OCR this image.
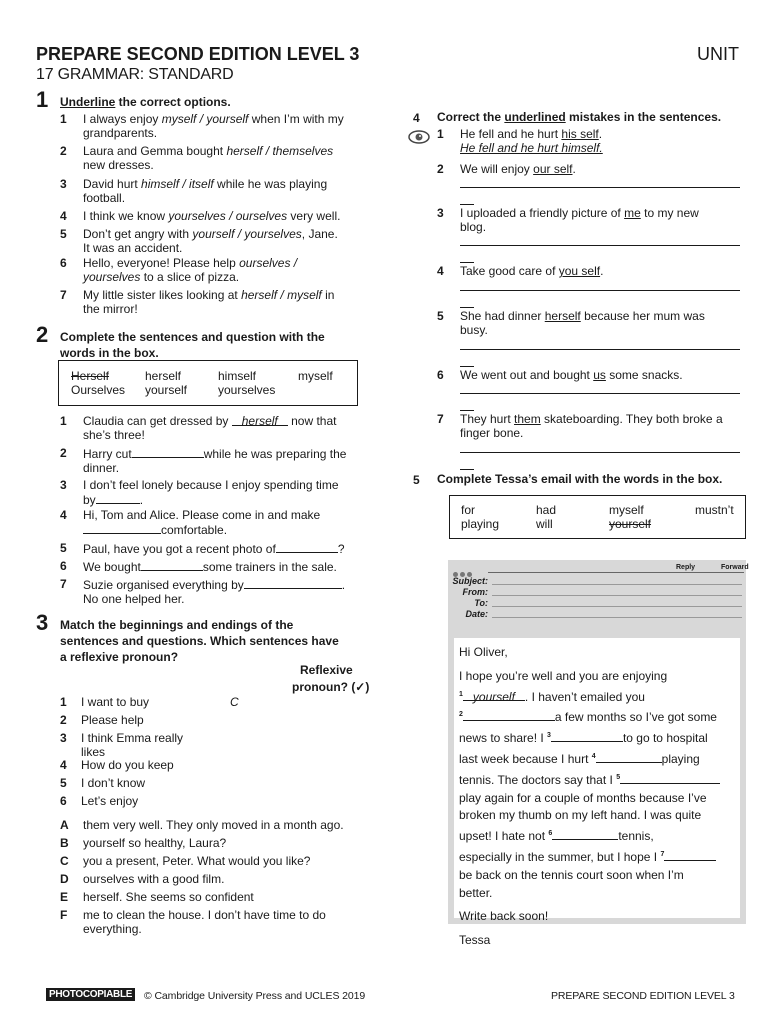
PREPARE SECOND EDITION LEVEL 3	UNIT
17 GRAMMAR: STANDARD
1 Underline the correct options.
1 I always enjoy myself / yourself when I’m with my
grandparents.
2 Laura and Gemma bought herself / themselves
new dresses.
3 David hurt himself / itself while he was playing
football.
4 I think we know yourselves / ourselves very well.

5 Don’t get angry with yourself / yourselves, Jane.
It was an accident.
6 Hello, everyone! Please help ourselves /
yourselves to a slice of pizza.
7 My little sister likes looking at herself / myself in
the mirror!
2 Complete the sentences and question with the
words in the box.
Herself	herself	himself	myself
Ourselves yourself	yourselves
1 Claudia can get dressed by herself now that
she’s three!
2 Harry cut	while he was preparing the
dinner.
3 I don’t feel lonely because I enjoy spending time
by	.
4 Hi, Tom and Alice. Please come in and make
comfortable.
5 Paul, have you got a recent photo of	?
6 We bought	some trainers in the sale.
7 Suzie organised everything by	.
No one helped her.
3 Match the beginnings and endings of the
sentences and questions. Which sentences have
a reflexive pronoun?
Reflexive
pronoun? (✓)
1 I want to buy	C
2 Please help
3 I think Emma really
likes
4 How do you keep
5 I don’t know
6 Let’s enjoy
A them very well. They only moved in a month ago.
B yourself so healthy, Laura?
C you a present, Peter. What would you like?
D ourselves with a good film.
E herself. She seems so confident
F me to clean the house. I don’t have time to do
everything.
4 Correct the underlined mistakes in the sentences.
1 He fell and he hurt his self.
He fell and he hurt himself.
2 We will enjoy our self.
3 I uploaded a friendly picture of me to my new
blog.
4 Take good care of you self.
5 She had dinner herself because her mum was
busy.
6 We went out and bought us some snacks.
7 They hurt them skateboarding. They both broke a
finger bone.
5 Complete Tessa’s email with the words in the box.
for	had	myself	mustn’t
playing	will	yourself
Reply	Forward
Subject:
From:
To:
Date:
Hi Oliver,
I hope you’re well and you are enjoying
$^1$ yourself . I haven’t emailed you
$^2$	a few months so I’ve got some
news to share! I $^3$	to go to hospital
last week because I hurt $^4$	playing
tennis. The doctors say that I $^5$
play again for a couple of months because I’ve
broken my thumb on my left hand. I was quite
upset! I hate not $^6$	tennis,
especially in the summer, but I hope I $^7$
be back on the tennis court soon when I’m
better.
Write back soon!
Tessa
PHOTOCOPIABLE © Cambridge University Press and UCLES 2019	PREPARE SECOND EDITION LEVEL 3
